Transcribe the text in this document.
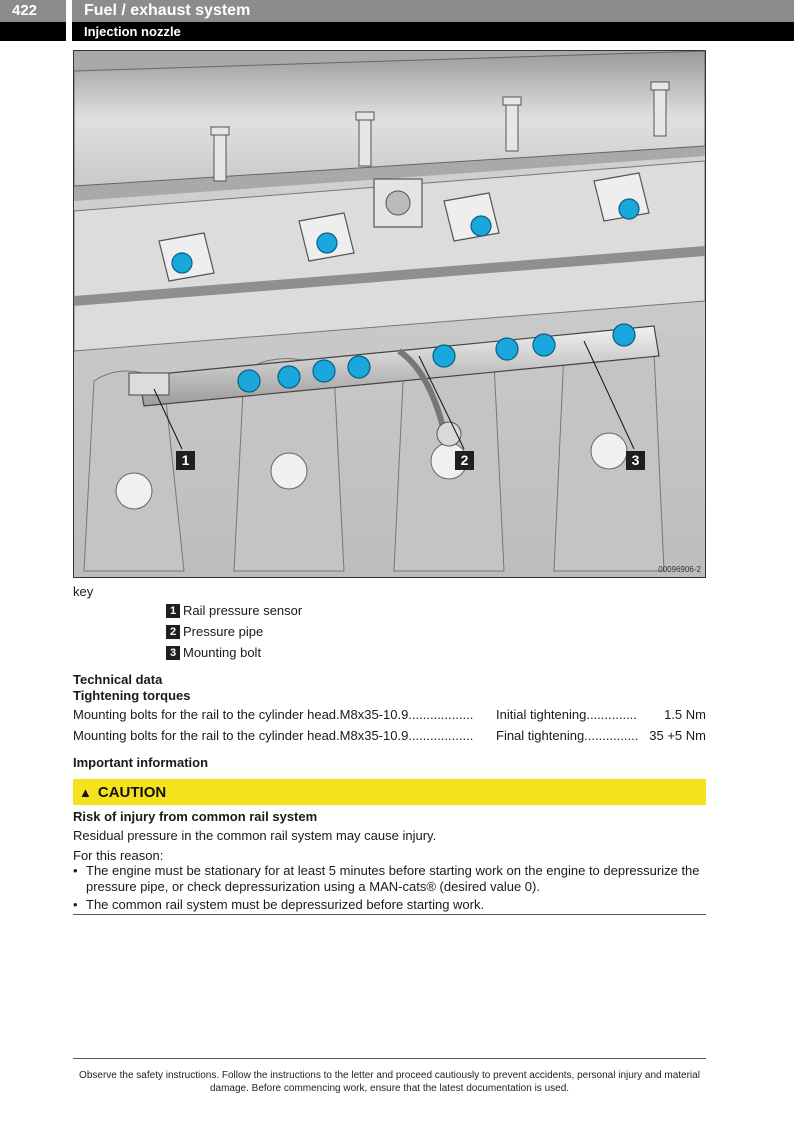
422	Fuel / exhaust system
Injection nozzle
1	2	3
00096906-2
key
1 Rail pressure sensor
2 Pressure pipe
3 Mounting bolt
Technical data
Tightening torques
Mounting bolts for the rail to the cylinder head.M8x35-10.9.................. Initial tightening.............. 1.5 Nm
Mounting bolts for the rail to the cylinder head.M8x35-10.9.................. Final tightening............... 35 +5 Nm
Important information
▲ CAUTION
Risk of injury from common rail system
Residual pressure in the common rail system may cause injury.
For this reason:
• The engine must be stationary for at least 5 minutes before starting work on the engine to depressurize the pressure pipe, or check depressurization using a MAN-cats® (desired value 0).
• The common rail system must be depressurized before starting work.
Observe the safety instructions. Follow the instructions to the letter and proceed cautiously to prevent accidents, personal injury and material damage. Before commencing work, ensure that the latest documentation is used.
